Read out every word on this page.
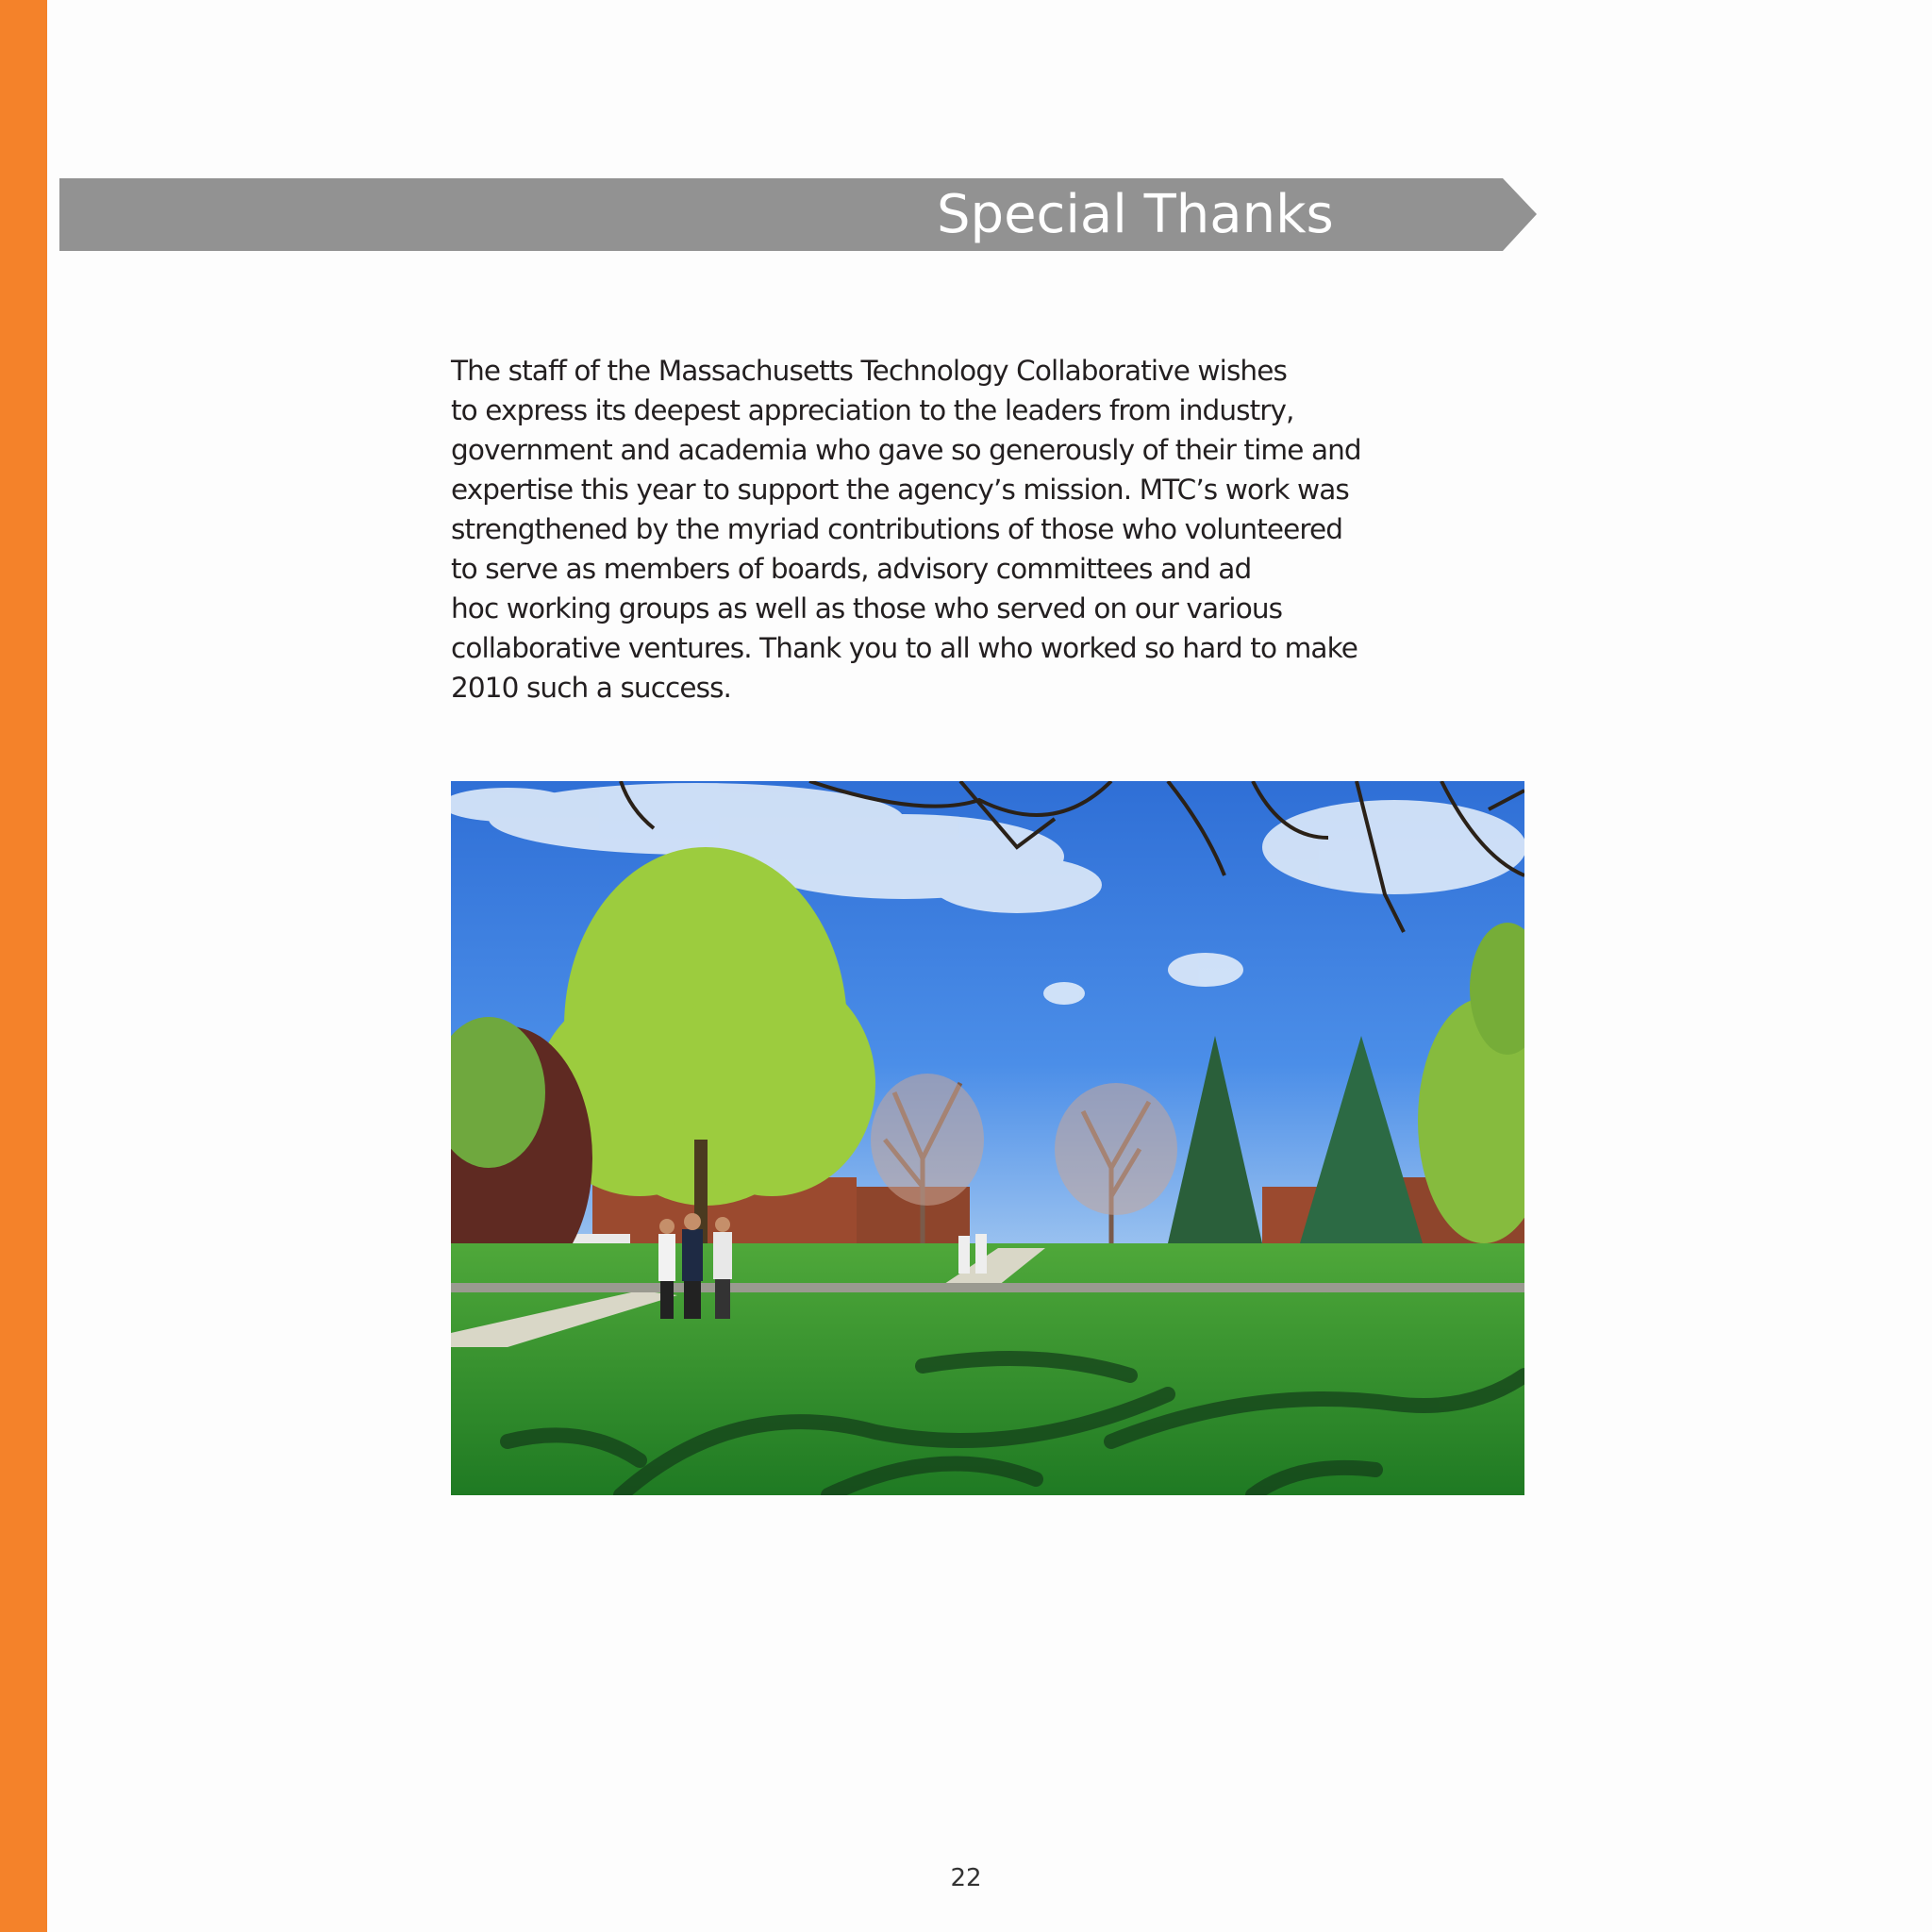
Special Thanks
The staff of the Massachusetts Technology Collaborative wishes
to express its deepest appreciation to the leaders from industry,
government and academia who gave so generously of their time and
expertise this year to support the agency’s mission. MTC’s work was
strengthened by the myriad contributions of those who volunteered
to serve as members of boards, advisory committees and ad
hoc working groups as well as those who served on our various
collaborative ventures. Thank you to all who worked so hard to make
2010 such a success.
22
